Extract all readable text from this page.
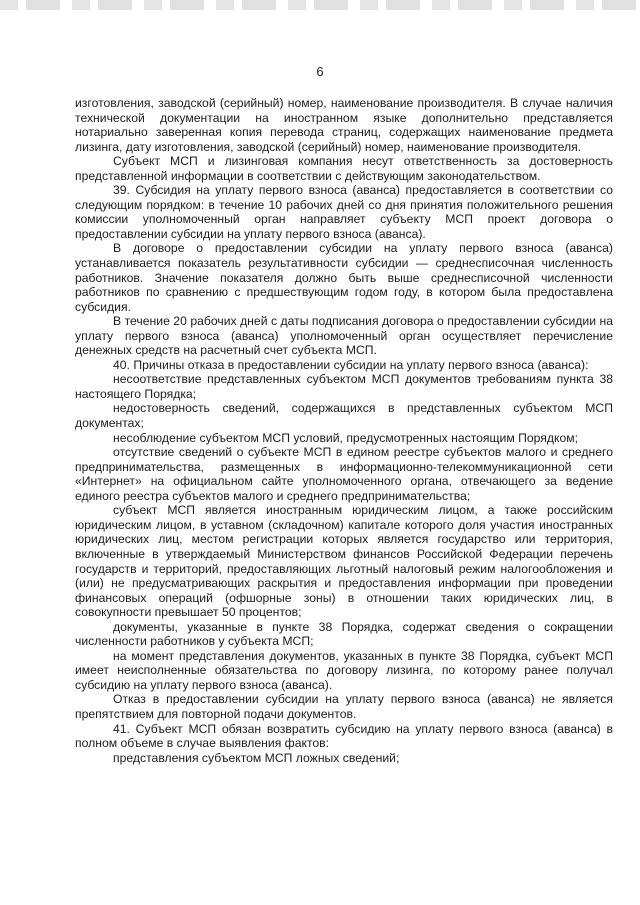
6

изготовления, заводской (серийный) номер, наименование производителя. В случае наличия технической документации на иностранном языке дополнительно представляется нотариально заверенная копия перевода страниц, содержащих наименование предмета лизинга, дату изготовления, заводской (серийный) номер, наименование производителя.

Субъект МСП и лизинговая компания несут ответственность за достоверность представленной информации в соответствии с действующим законодательством.

39. Субсидия на уплату первого взноса (аванса) предоставляется в соответствии со следующим порядком: в течение 10 рабочих дней со дня принятия положительного решения комиссии уполномоченный орган направляет субъекту МСП проект договора о предоставлении субсидии на уплату первого взноса (аванса).

В договоре о предоставлении субсидии на уплату первого взноса (аванса) устанавливается показатель результативности субсидии — среднесписочная численность работников. Значение показателя должно быть выше среднесписочной численности работников по сравнению с предшествующим годом году, в котором была предоставлена субсидия.

В течение 20 рабочих дней с даты подписания договора о предоставлении субсидии на уплату первого взноса (аванса) уполномоченный орган осуществляет перечисление денежных средств на расчетный счет субъекта МСП.

40. Причины отказа в предоставлении субсидии на уплату первого взноса (аванса):

несоответствие представленных субъектом МСП документов требованиям пункта 38 настоящего Порядка;

недостоверность сведений, содержащихся в представленных субъектом МСП документах;

несоблюдение субъектом МСП условий, предусмотренных настоящим Порядком;

отсутствие сведений о субъекте МСП в едином реестре субъектов малого и среднего предпринимательства, размещенных в информационно-телекоммуникационной сети «Интернет» на официальном сайте уполномоченного органа, отвечающего за ведение единого реестра субъектов малого и среднего предпринимательства;

субъект МСП является иностранным юридическим лицом, а также российским юридическим лицом, в уставном (складочном) капитале которого доля участия иностранных юридических лиц, местом регистрации которых является государство или территория, включенные в утверждаемый Министерством финансов Российской Федерации перечень государств и территорий, предоставляющих льготный налоговый режим налогообложения и (или) не предусматривающих раскрытия и предоставления информации при проведении финансовых операций (офшорные зоны) в отношении таких юридических лиц, в совокупности превышает 50 процентов;

документы, указанные в пункте 38 Порядка, содержат сведения о сокращении численности работников у субъекта МСП;

на момент представления документов, указанных в пункте 38 Порядка, субъект МСП имеет неисполненные обязательства по договору лизинга, по которому ранее получал субсидию на уплату первого взноса (аванса).

Отказ в предоставлении субсидии на уплату первого взноса (аванса) не является препятствием для повторной подачи документов.

41. Субъект МСП обязан возвратить субсидию на уплату первого взноса (аванса) в полном объеме в случае выявления фактов:

представления субъектом МСП ложных сведений;
